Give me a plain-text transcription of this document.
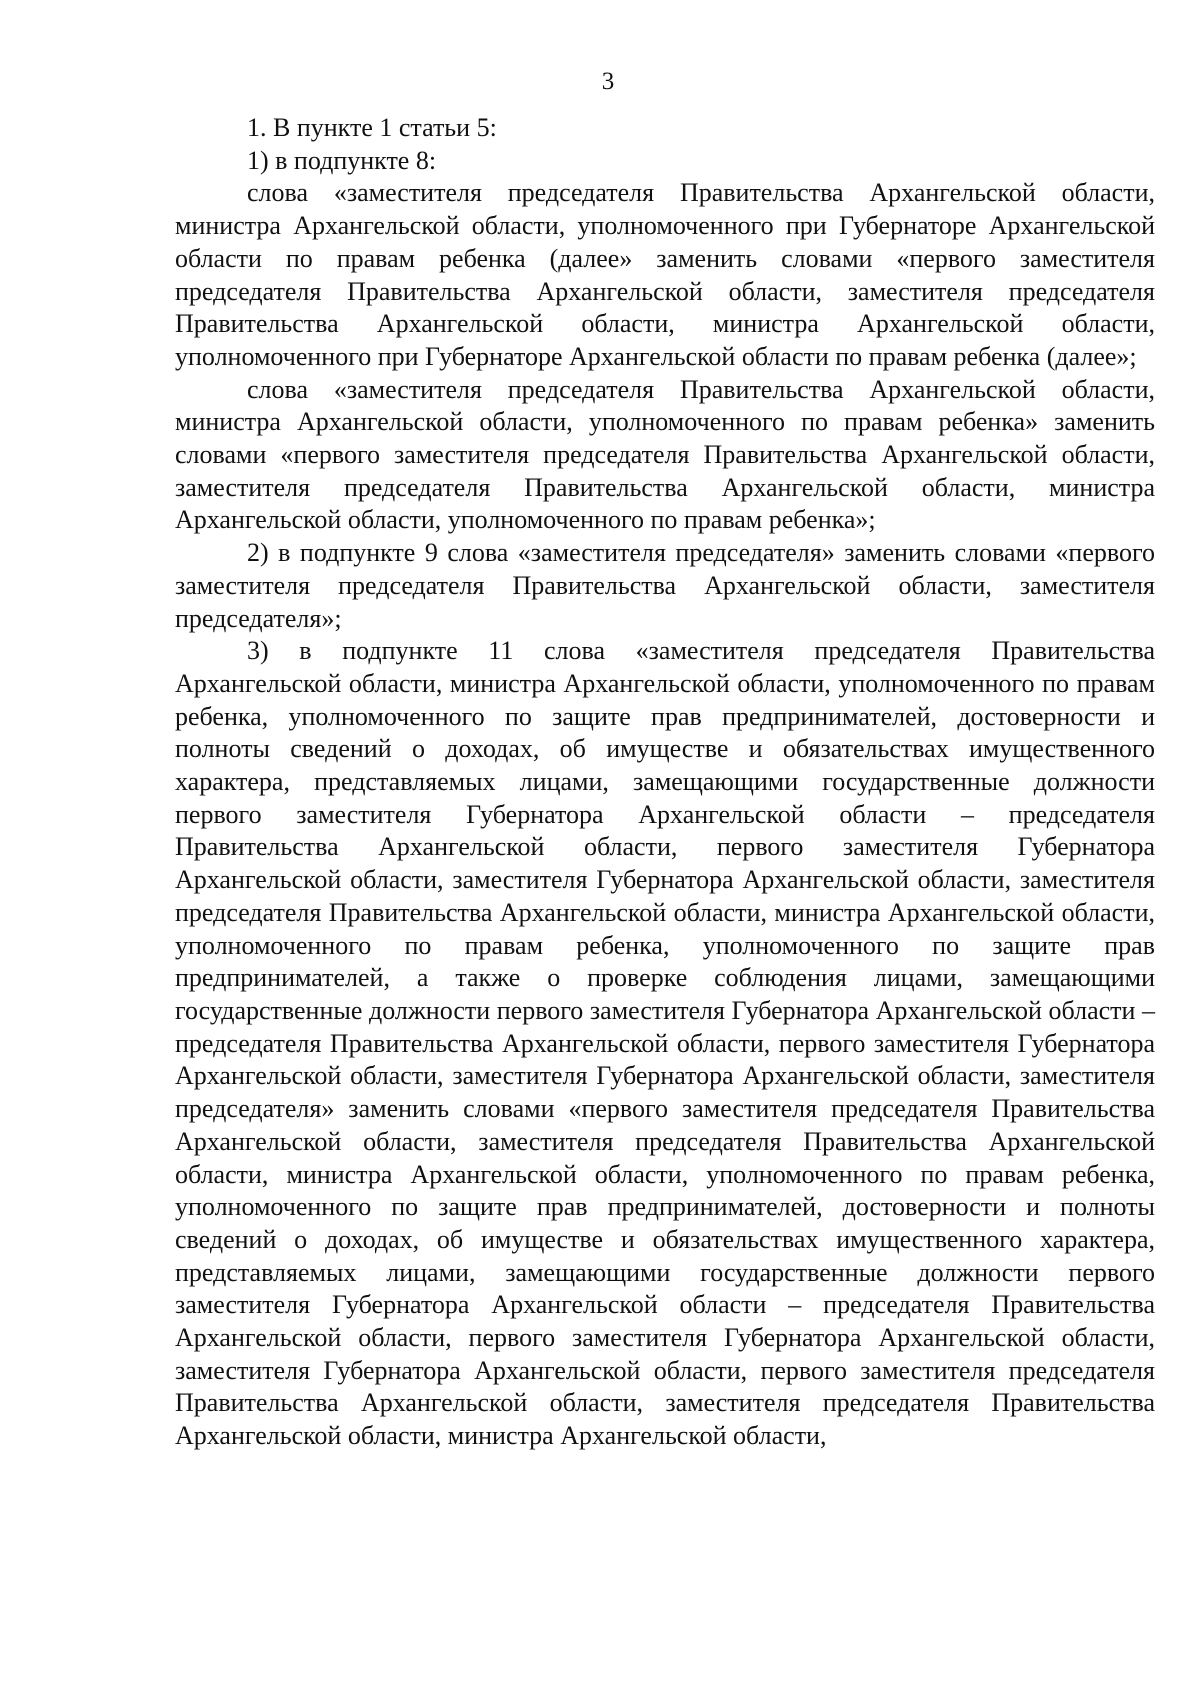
3

1. В пункте 1 статьи 5:

1) в подпункте 8:

слова «заместителя председателя Правительства Архангельской области, министра Архангельской области, уполномоченного при Губернаторе Архангельской области по правам ребенка (далее» заменить словами «первого заместителя председателя Правительства Архангельской области, заместителя председателя Правительства Архангельской области, министра Архангельской области, уполномоченного при Губернаторе Архангельской области по правам ребенка (далее»;

слова «заместителя председателя Правительства Архангельской области, министра Архангельской области, уполномоченного по правам ребенка» заменить словами «первого заместителя председателя Правительства Архангельской области, заместителя председателя Правительства Архангельской области, министра Архангельской области, уполномоченного по правам ребенка»;

2) в подпункте 9 слова «заместителя председателя» заменить словами «первого заместителя председателя Правительства Архангельской области, заместителя председателя»;

3) в подпункте 11 слова «заместителя председателя Правительства Архангельской области, министра Архангельской области, уполномоченного по правам ребенка, уполномоченного по защите прав предпринимателей, достоверности и полноты сведений о доходах, об имуществе и обязательствах имущественного характера, представляемых лицами, замещающими государственные должности первого заместителя Губернатора Архангельской области – председателя Правительства Архангельской области, первого заместителя Губернатора Архангельской области, заместителя Губернатора Архангельской области, заместителя председателя Правительства Архангельской области, министра Архангельской области, уполномоченного по правам ребенка, уполномоченного по защите прав предпринимателей, а также о проверке соблюдения лицами, замещающими государственные должности первого заместителя Губернатора Архангельской области – председателя Правительства Архангельской области, первого заместителя Губернатора Архангельской области, заместителя Губернатора Архангельской области, заместителя председателя» заменить словами «первого заместителя председателя Правительства Архангельской области, заместителя председателя Правительства Архангельской области, министра Архангельской области, уполномоченного по правам ребенка, уполномоченного по защите прав предпринимателей, достоверности и полноты сведений о доходах, об имуществе и обязательствах имущественного характера, представляемых лицами, замещающими государственные должности первого заместителя Губернатора Архангельской области – председателя Правительства Архангельской области, первого заместителя Губернатора Архангельской области, заместителя Губернатора Архангельской области, первого заместителя председателя Правительства Архангельской области, заместителя председателя Правительства Архангельской области, министра Архангельской области,
